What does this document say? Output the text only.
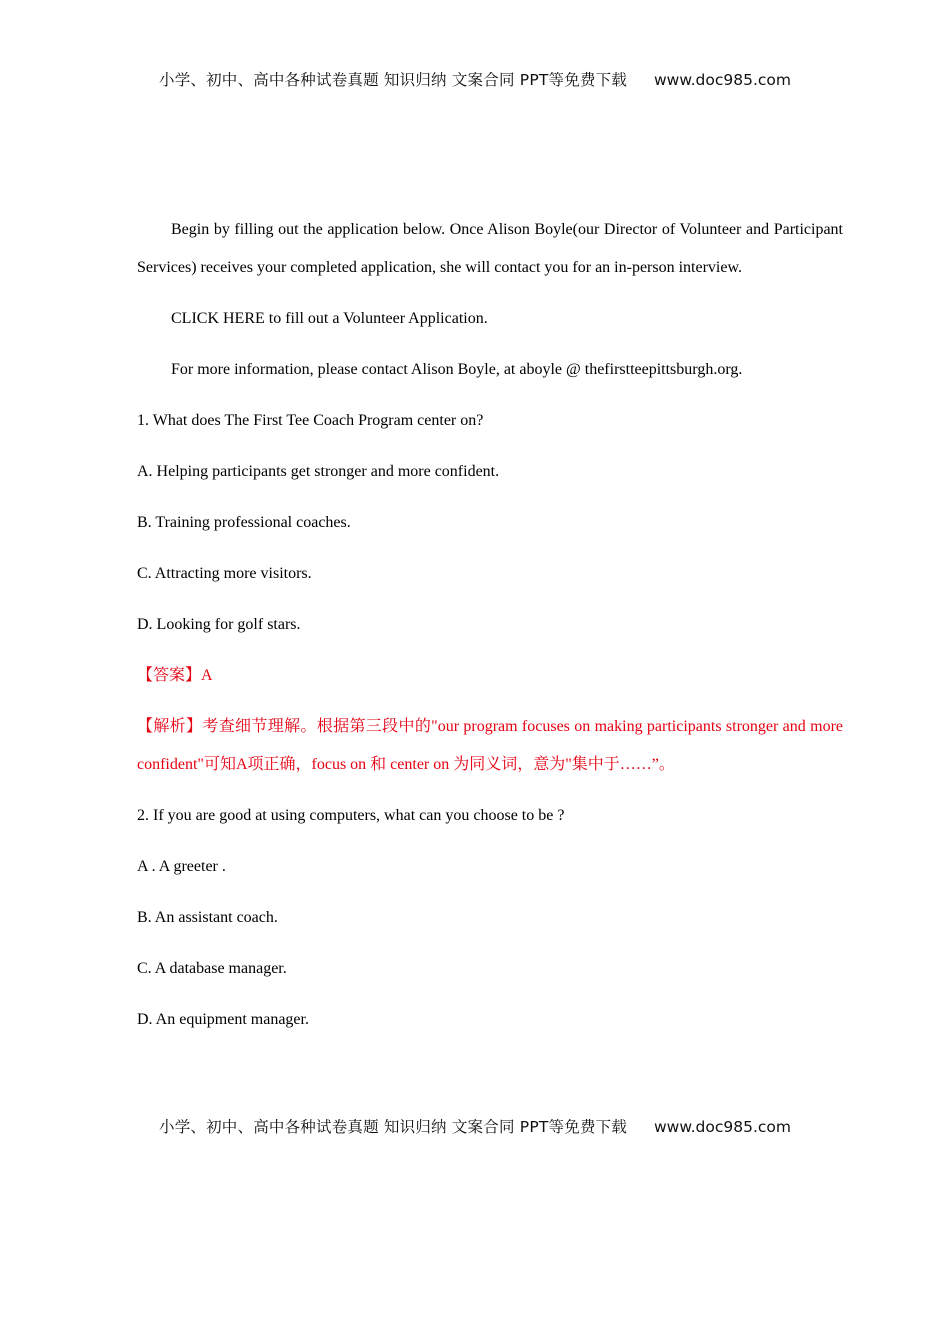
小学、初中、高中各种试卷真题 知识归纳 文案合同 PPT等免费下载 www.doc985.com

Begin by filling out the application below. Once Alison Boyle(our Director of Volunteer and Participant Services) receives your completed application, she will contact you for an in-person interview.

CLICK HERE to fill out a Volunteer Application.

For more information, please contact Alison Boyle, at aboyle @ thefirstteepittsburgh.org.

1. What does The First Tee Coach Program center on?

A. Helping participants get stronger and more confident.

B. Training professional coaches.

C. Attracting more visitors.

D. Looking for golf stars.

【答案】A

【解析】考查细节理解。根据第三段中的"our program focuses on making participants stronger and more confident"可知A项正确，focus on 和 center on 为同义词，意为"集中于……”。

2. If you are good at using computers, what can you choose to be ?

A . A greeter .

B. An assistant coach.

C. A database manager.

D. An equipment manager.

小学、初中、高中各种试卷真题 知识归纳 文案合同 PPT等免费下载 www.doc985.com
